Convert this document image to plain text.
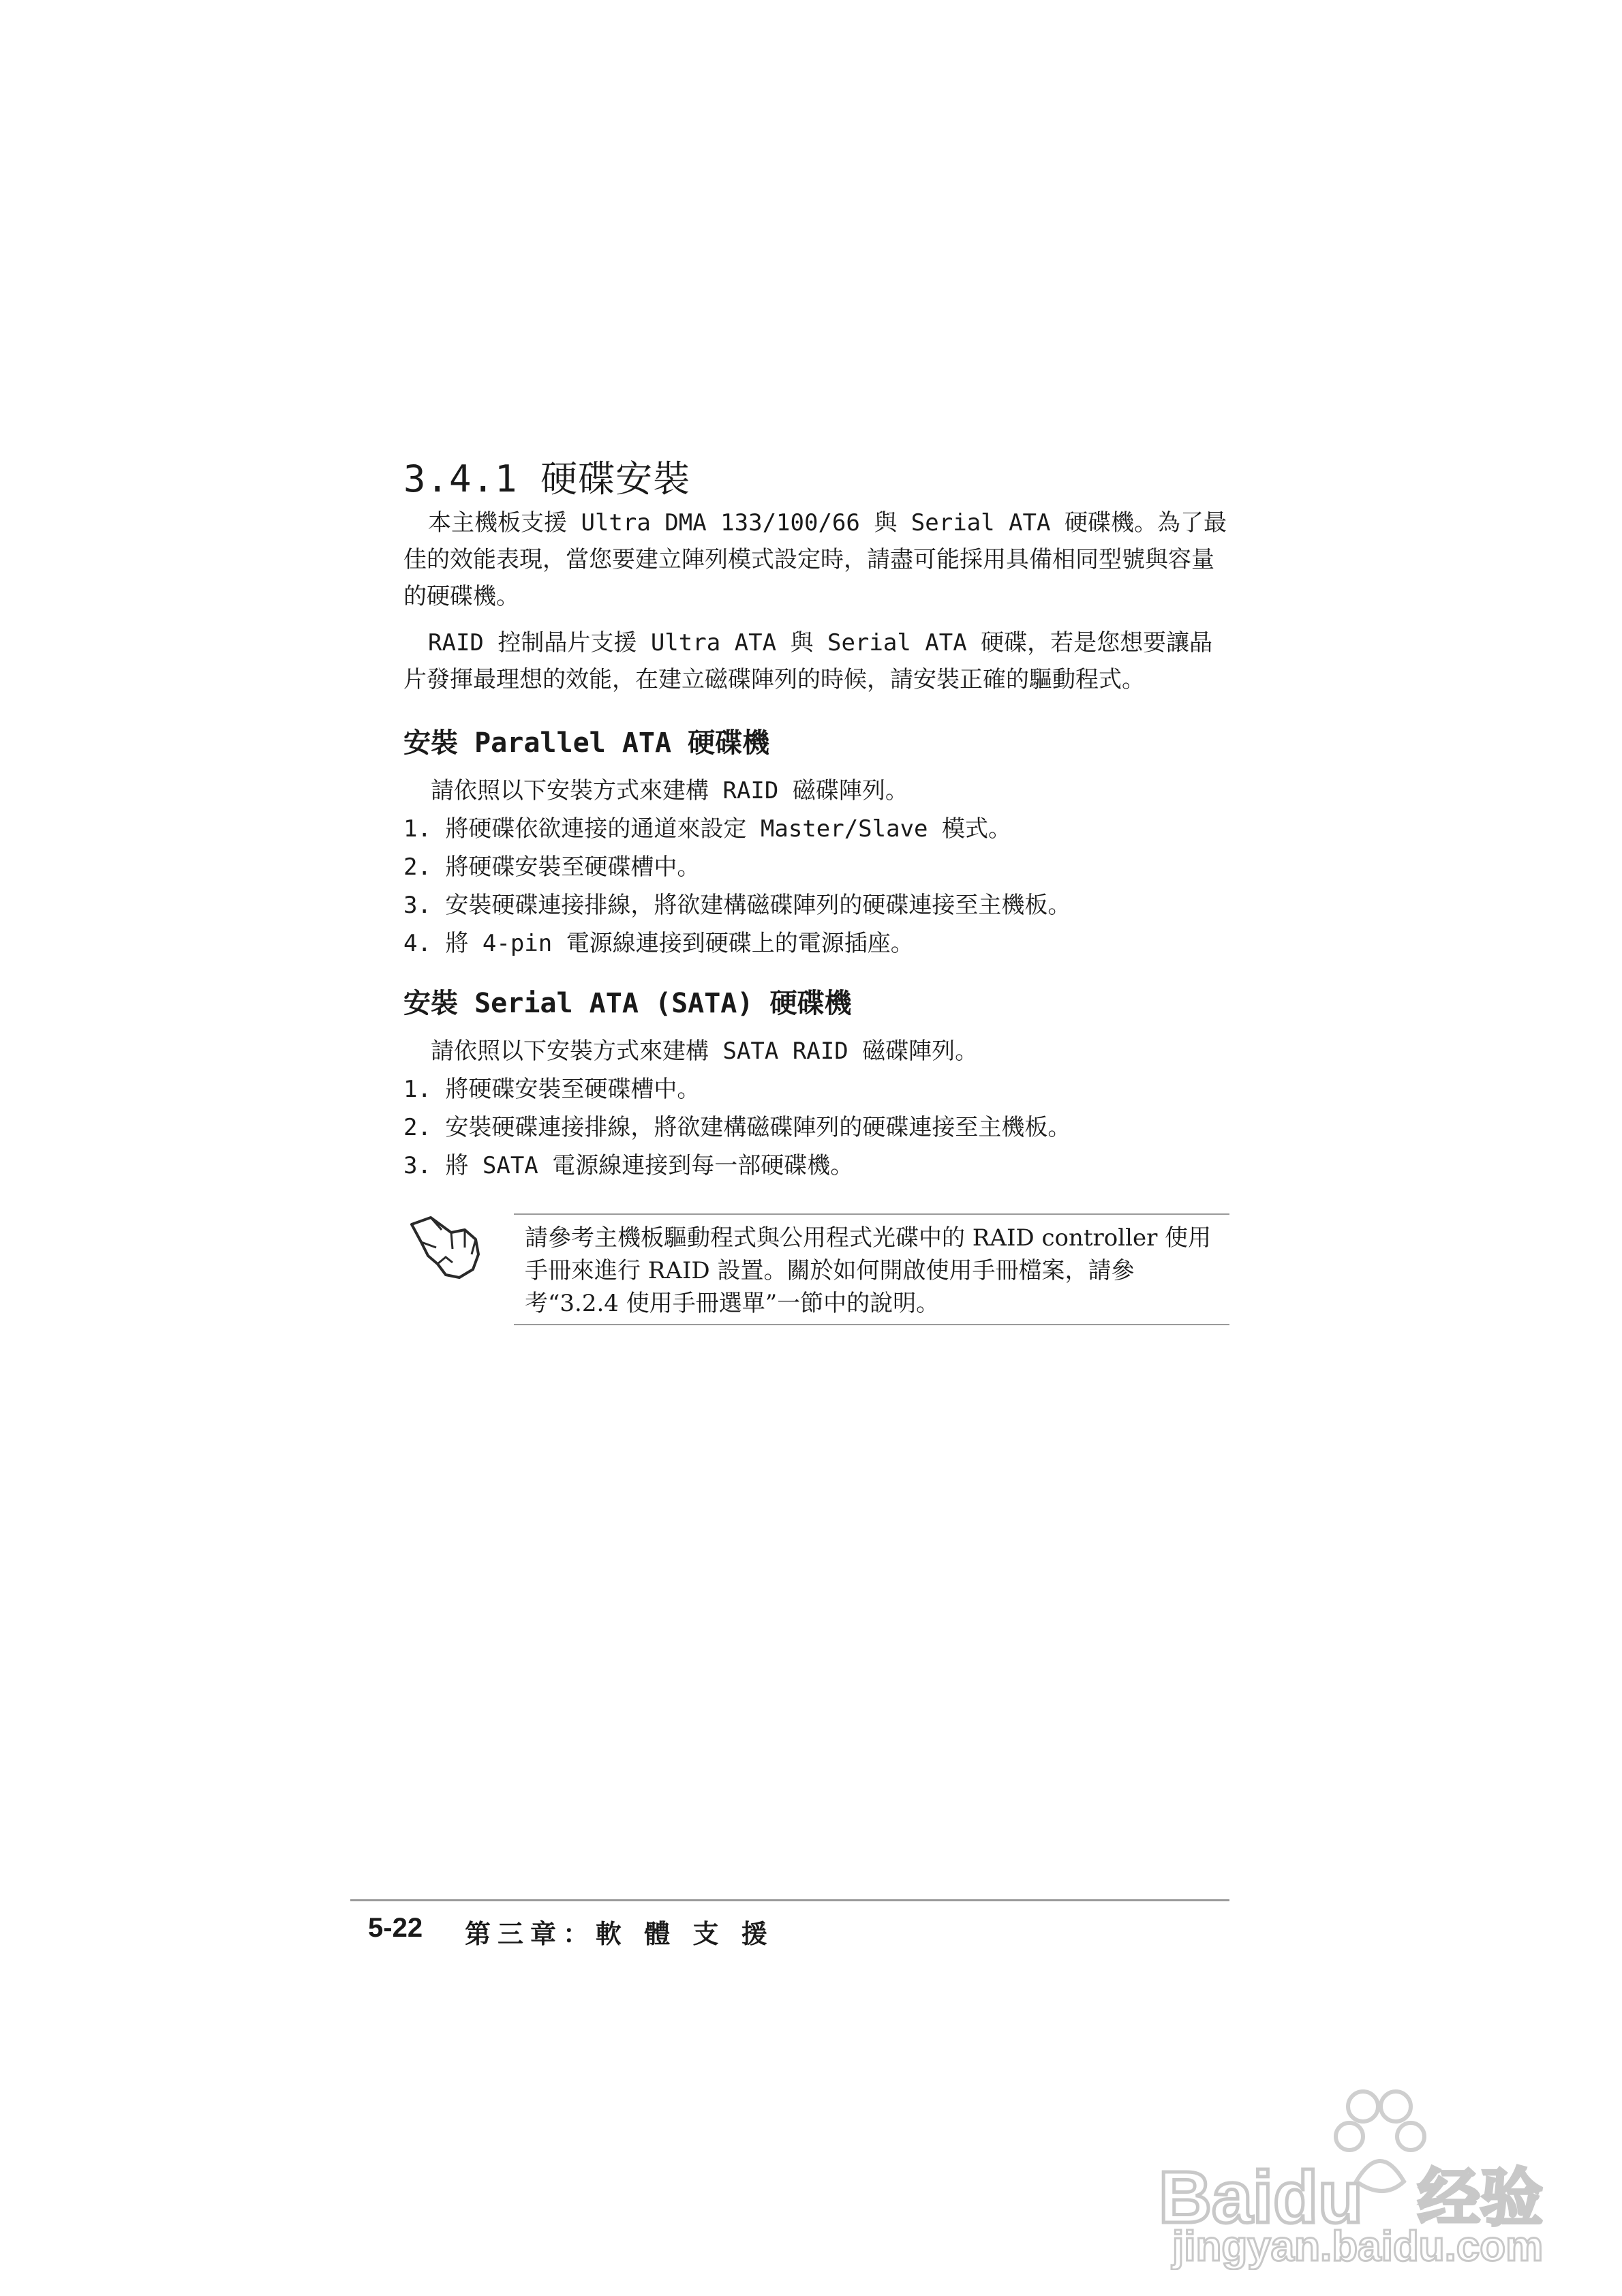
3.4.1 硬碟安裝

本主機板支援 Ultra DMA 133/100/66 與 Serial ATA 硬碟機。為了最佳的效能表現，當您要建立陣列模式設定時，請盡可能採用具備相同型號與容量的硬碟機。

RAID 控制晶片支援 Ultra ATA 與 Serial ATA 硬碟，若是您想要讓晶片發揮最理想的效能，在建立磁碟陣列的時候，請安裝正確的驅動程式。

安裝 Parallel ATA 硬碟機
請依照以下安裝方式來建構 RAID 磁碟陣列。
1. 將硬碟依欲連接的通道來設定 Master/Slave 模式。
2. 將硬碟安裝至硬碟槽中。
3. 安裝硬碟連接排線，將欲建構磁碟陣列的硬碟連接至主機板。
4. 將 4-pin 電源線連接到硬碟上的電源插座。
安裝 Serial ATA (SATA) 硬碟機
請依照以下安裝方式來建構 SATA RAID 磁碟陣列。
1. 將硬碟安裝至硬碟槽中。
2. 安裝硬碟連接排線，將欲建構磁碟陣列的硬碟連接至主機板。
3. 將 SATA 電源線連接到每一部硬碟機。
請參考主機板驅動程式與公用程式光碟中的 RAID controller 使用手冊來進行 RAID 設置。關於如何開啟使用手冊檔案，請參考“3.2.4 使用手冊選單”一節中的說明。
5-22 第三章：軟 體 支 援
Baidu 经验
jingyan.baidu.com
